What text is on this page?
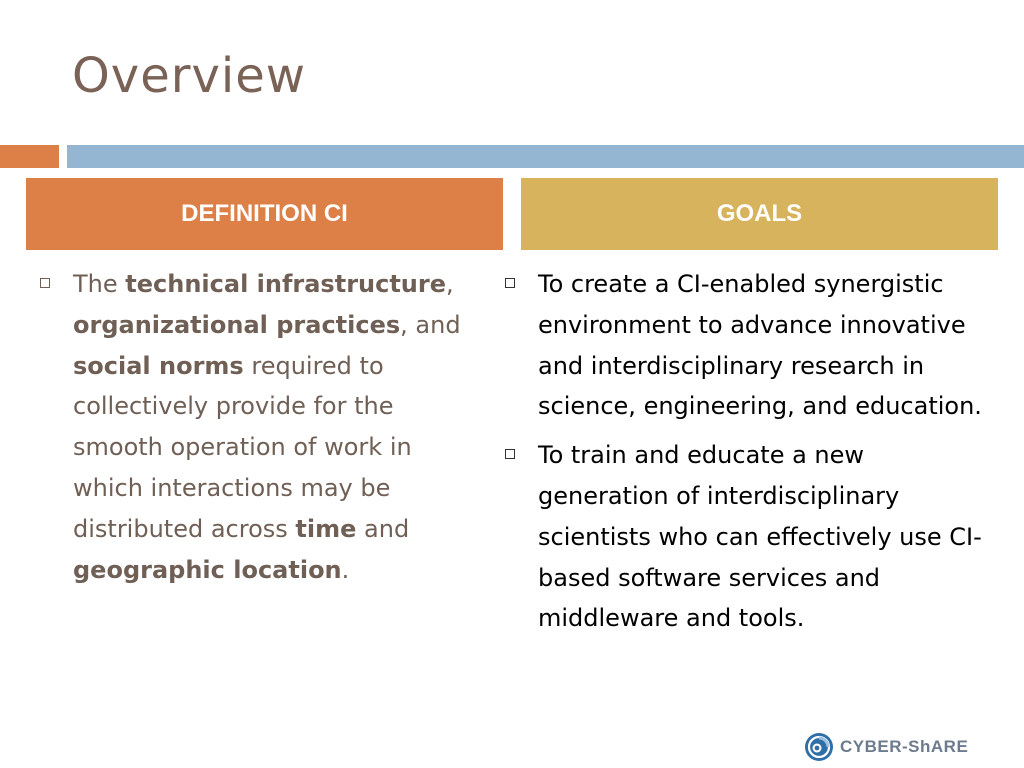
Overview
DEFINITION CI	GOALS
The technical infrastructure, organizational practices, and social norms required to collectively provide for the smooth operation of work in which interactions may be distributed across time and geographic location.
To create a CI-enabled synergistic environment to advance innovative and interdisciplinary research in science, engineering, and education.
To train and educate a new generation of interdisciplinary scientists who can effectively use CI-based software services and middleware and tools.
CYBER-ShARE
